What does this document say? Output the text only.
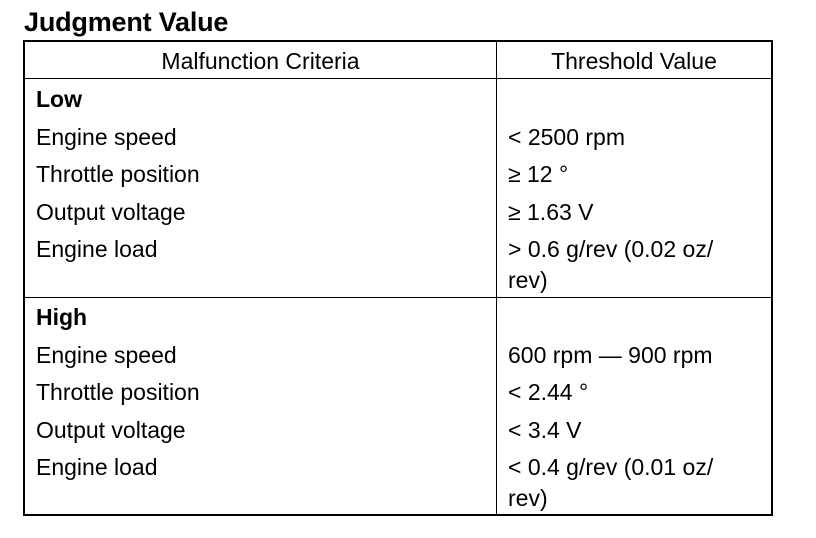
Judgment Value
Malfunction Criteria	Threshold Value
Low
Engine speed	< 2500 rpm
Throttle position	≥ 12 °
Output voltage	≥ 1.63 V
Engine load	> 0.6 g/rev (0.02 oz/ rev)
High
Engine speed	600 rpm — 900 rpm
Throttle position	< 2.44 °
Output voltage	< 3.4 V
Engine load	< 0.4 g/rev (0.01 oz/ rev)
